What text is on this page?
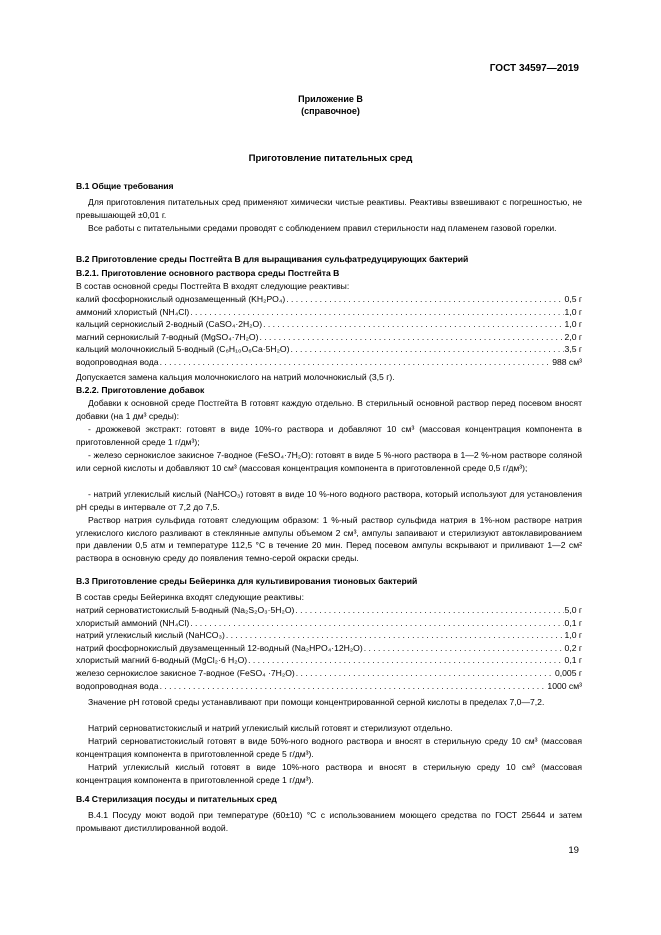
ГОСТ 34597—2019
Приложение В
(справочное)
Приготовление питательных сред
В.1 Общие требования
Для приготовления питательных сред применяют химически чистые реактивы. Реактивы взвешивают с погрешностью, не превышающей ±0,01 г.
Все работы с питательными средами проводят с соблюдением правил стерильности над пламенем газовой горелки.
В.2 Приготовление среды Постгейта В для выращивания сульфатредуцирующих бактерий
В.2.1. Приготовление основного раствора среды Постгейта В
В состав основной среды Постгейта В входят следующие реактивы:
калий фосфорнокислый однозамещенный (KH₂PO₄) . . .	0,5 г
аммоний хлористый (NH₄Cl) . . .	1,0 г
кальций сернокислый 2-водный (CaSO₄·2H₂O) . . .	1,0 г
магний сернокислый 7-водный (MgSO₄·7H₂O) . . .	2,0 г
кальций молочнокислый 5-водный (C₆H₁₀O₆Ca·5H₂O) . . .	3,5 г
водопроводная вода . . .	988 см³
Допускается замена кальция молочнокислого на натрий молочнокислый (3,5 г).
В.2.2. Приготовление добавок
Добавки к основной среде Постгейта В готовят каждую отдельно. В стерильный основной раствор перед посевом вносят добавки (на 1 дм³ среды):
- дрожжевой экстракт: готовят в виде 10%-го раствора и добавляют 10 см³ (массовая концентрация компонента в приготовленной среде 1 г/дм³);
- железо сернокислое закисное 7-водное (FeSO₄·7H₂O): готовят в виде 5 %-ного раствора в 1—2 %-ном растворе соляной или серной кислоты и добавляют 10 см³ (массовая концентрация компонента в приготовленной среде 0,5 г/дм³);
- натрий углекислый кислый (NaHCO₃) готовят в виде 10 %-ного водного раствора, который используют для установления pH среды в интервале от 7,2 до 7,5.
Раствор натрия сульфида готовят следующим образом: 1 %-ный раствор сульфида натрия в 1%-ном растворе натрия углекислого кислого разливают в стеклянные ампулы объемом 2 см³, ампулы запаивают и стерилизуют автоклавированием при давлении 0,5 атм и температуре 112,5 °С в течение 20 мин. Перед посевом ампулы вскрывают и приливают 1—2 см² раствора в основную среду до появления темно-серой окраски среды.
В.3 Приготовление среды Бейеринка для культивирования тионовых бактерий
В состав среды Бейеринка входят следующие реактивы:
натрий серноватистокислый 5-водный (Na₂S₂O₃·5H₂O) . . .	5,0 г
хлористый аммоний (NH₄Cl) . . .	0,1 г
натрий углекислый кислый (NaHCO₃) . . .	1,0 г
натрий фосфорнокислый двузамещенный 12-водный (Na₂HPO₄·12H₂O) . . .	0,2 г
хлористый магний 6-водный (MgCl₂·6 H₂O) . . .	0,1 г
железо сернокислое закисное 7-водное (FeSO₄ ·7H₂O) . . .	0,005 г
водопроводная вода . . .	1000 см³
Значение pH готовой среды устанавливают при помощи концентрированной серной кислоты в пределах 7,0—7,2.
Натрий серноватистокислый и натрий углекислый кислый готовят и стерилизуют отдельно.
Натрий серноватистокислый готовят в виде 50%-ного водного раствора и вносят в стерильную среду 10 см³ (массовая концентрация компонента в приготовленной среде 5 г/дм³).
Натрий углекислый кислый готовят в виде 10%-ного раствора и вносят в стерильную среду 10 см³ (массовая концентрация компонента в приготовленной среде 1 г/дм³).
В.4 Стерилизация посуды и питательных сред
В.4.1 Посуду моют водой при температуре (60±10) °С с использованием моющего средства по ГОСТ 25644 и затем промывают дистиллированной водой.
19
